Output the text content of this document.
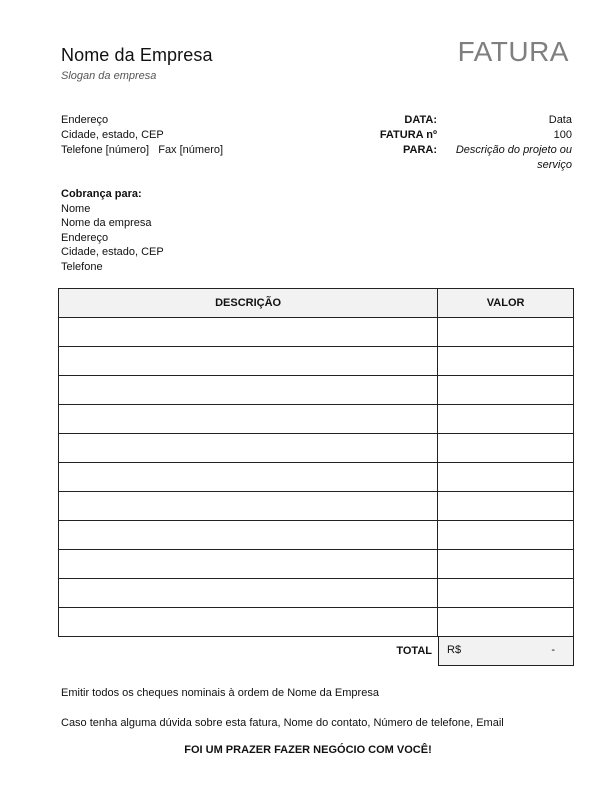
Nome da Empresa
Slogan da empresa
FATURA
Endereço
Cidade, estado, CEP
Telefone [número]   Fax [número]
DATA:	Data
FATURA nº	100
PARA:	Descrição do projeto ou
serviço
Cobrança para:
Nome
Nome da empresa
Endereço
Cidade, estado, CEP
Telefone
DESCRIÇÃO	VALOR

TOTAL	R$	-
Emitir todos os cheques nominais à ordem de Nome da Empresa
Caso tenha alguma dúvida sobre esta fatura, Nome do contato, Número de telefone, Email
FOI UM PRAZER FAZER NEGÓCIO COM VOCÊ!
